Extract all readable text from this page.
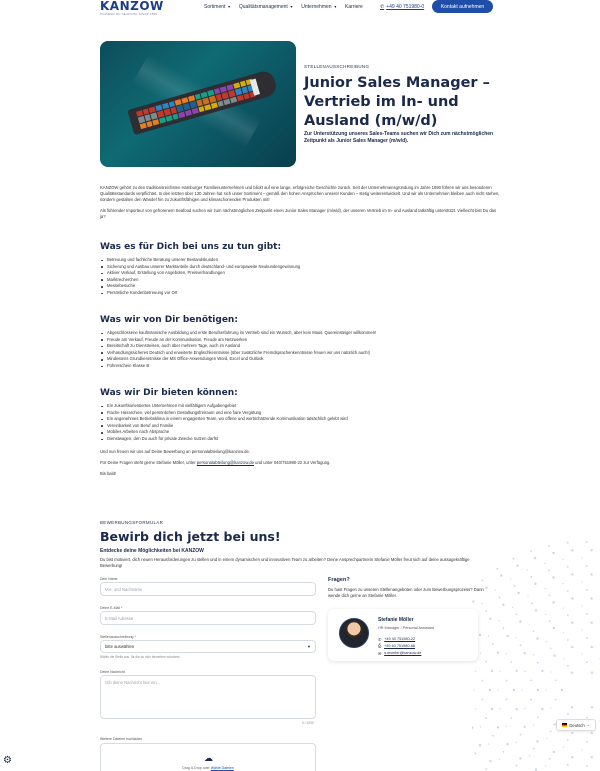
KANZOW
PIONEER OF SEAFOOD SINCE 1890
Sortiment ▼ Qualitätsmanagement ▼ Unternehmen ▼ Karriere	✆ +49 40 751980-0	Kontakt aufnehmen
STELLENAUSSCHREIBUNG
Junior Sales Manager – Vertrieb im In- und Ausland (m/w/d)
Zur Unterstützung unseres Sales-Teams suchen wir Dich zum nächstmöglichen Zeitpunkt als Junior Sales Manager (m/w/d).

KANZOW gehört zu den traditionsreichsten Hamburger Familienunternehmen und blickt auf eine lange, erfolgreiche Geschichte zurück. Seit der Unternehmensgründung im Jahre 1890 führen wir uns besonderen Qualitätsstandards verpflichtet. In den letzten über 130 Jahren hat sich unser Sortiment – gemäß den hohen Ansprüchen unserer Kunden – stetig weiterentwickelt. Und wir als Unternehmen bleiben auch nicht stehen, sondern gestalten den Wandel hin zu zukunftsfähigen und klimaschonenden Produkten mit!

Als führender Importeur von gefrorenem Seafood suchen wir zum nächstmöglichen Zeitpunkt einen Junior Sales Manager (m/w/d), der unseren Vertrieb im In- und Ausland tatkräftig unterstützt. Vielleicht bist Du das ja?

Was es für Dich bei uns zu tun gibt:
Betreuung und fachliche Beratung unserer Bestandskunden
Sicherung und Ausbau unserer Marktanteile durch deutschland- und europaweite Neukundengewinnung
Aktiver Verkauf, Erstellung von Angeboten, Preisverhandlungen
Marktrecherchen
Messebesuche
Persönliche Kundenbetreuung vor Ort
Was wir von Dir benötigen:
Abgeschlossene kaufmännische Ausbildung und erste Berufserfahrung im Vertrieb sind ein Wunsch, aber kein Muss. Quereinsteiger willkommen!
Freude am Verkauf, Freude an der Kommunikation, Freude am Netzwerken
Bereitschaft zu Dienstreisen, auch über mehrere Tage, auch im Ausland
Verhandlungssicheres Deutsch und erweiterte Englischkenntnisse (über zusätzliche Fremdsprachenkenntnisse freuen wir uns natürlich auch!)
Mindestens Grundkenntnisse der MS Office-Anwendungen Word, Excel und Outlook
Führerschein Klasse B
Was wir Dir bieten können:
Ein zukunftsorientiertes Unternehmen mit vielfältigem Aufgabengebiet
Flache Hierarchien, viel persönlichen Gestaltungsfreiraum und eine faire Vergütung
Ein angenehmes Betriebsklima in einem engagierten Team, wo offene und wertschätzende Kommunikation tatsächlich gelebt wird
Vereinbarkeit von Beruf und Familie
Mobiles Arbeiten nach Absprache
Dienstwagen, den Du auch für private Zwecke nutzen darfst

Und nun freuen wir uns auf Deine Bewerbung an personalabteilung@kanzow.de.

Für Deine Fragen steht gerne Stefanie Möller, unter personalabteilung@kanzow.de und unter 040/751980-22 zur Verfügung.

Bis bald!

BEWERBUNGSFORMULAR
Bewirb dich jetzt bei uns!
Entdecke deine Möglichkeiten bei KANZOW
Du bist motiviert, dich neuen Herausforderungen zu stellen und in einem dynamischen und innovativen Team zu arbeiten? Deine Ansprechpartnerin Stefanie Möller freut sich auf deine aussagekräftige Bewerbung!
Dein Name
Vor- und Nachname
Deine E-Mail *
E-Mail Adresse
Stellenausschreibung *
bitte auswählen	▼
Wähle die Stelle aus, für die du dich bewerben möchtest
Deine Nachricht
Gib deine Nachricht hier ein...
0 / 1000
Weitere Dateien hochladen
☁
Drag & Drop oder Wähle Dateien
Fragen?
Du hast Fragen zu unseren Stellenangeboten oder zum Bewerbungsprozess? Dann wende dich gerne an Stefanie Möller.
Stefanie Möller
HR Manager / Personal Assistant
✆ +49 40 751980-22
⎙ +49 40 751980-66
✉ s.moeller@kanzow.de
Deutsch ⌄
⚙
